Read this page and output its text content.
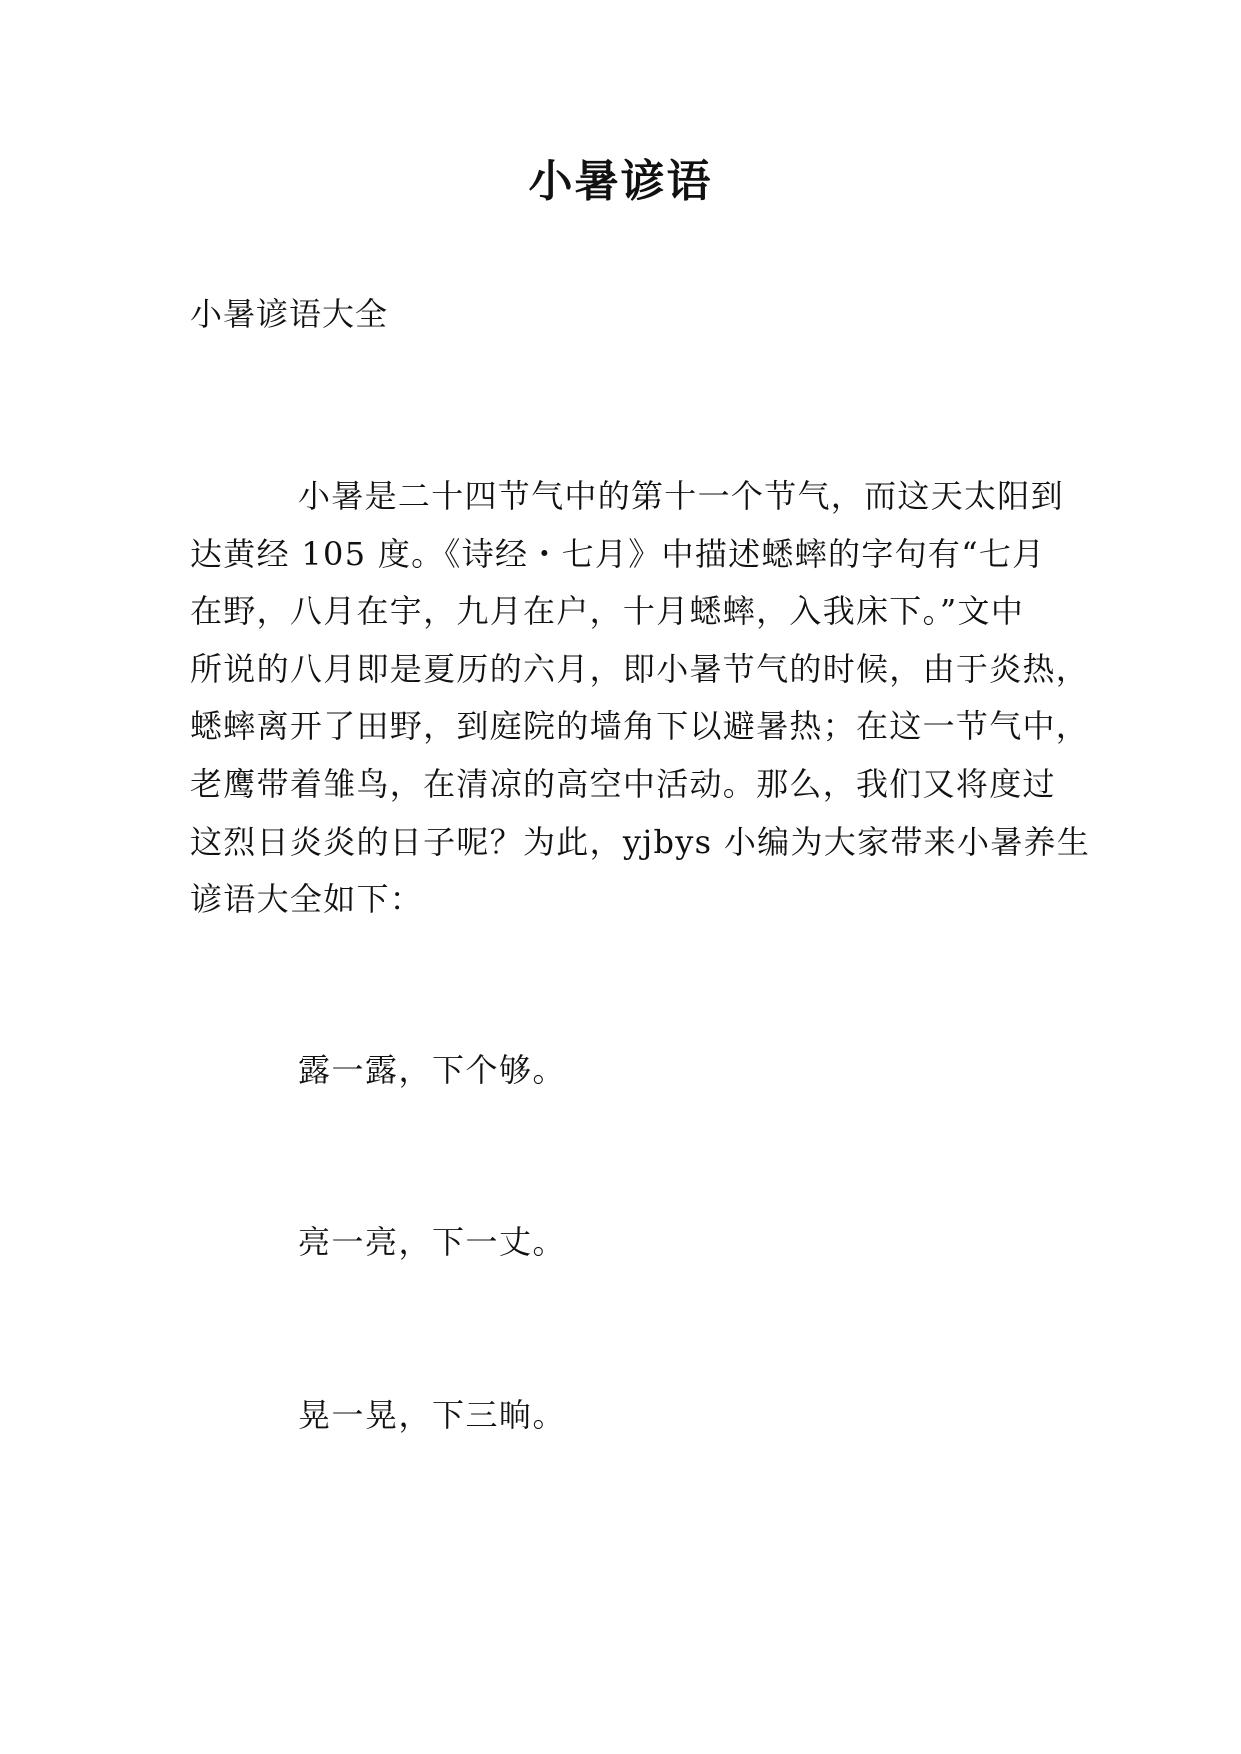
小暑谚语

小暑谚语大全

小暑是二十四节气中的第十一个节气，而这天太阳到
达黄经 105 度。《诗经・七月》中描述蟋蟀的字句有“七月
在野，八月在宇，九月在户，十月蟋蟀，入我床下。”文中
所说的八月即是夏历的六月，即小暑节气的时候，由于炎热，
蟋蟀离开了田野，到庭院的墙角下以避暑热；在这一节气中，
老鹰带着雏鸟，在清凉的高空中活动。那么，我们又将度过
这烈日炎炎的日子呢？为此，yjbys 小编为大家带来小暑养生
谚语大全如下：

露一露，下个够。

亮一亮，下一丈。

晃一晃，下三晌。
